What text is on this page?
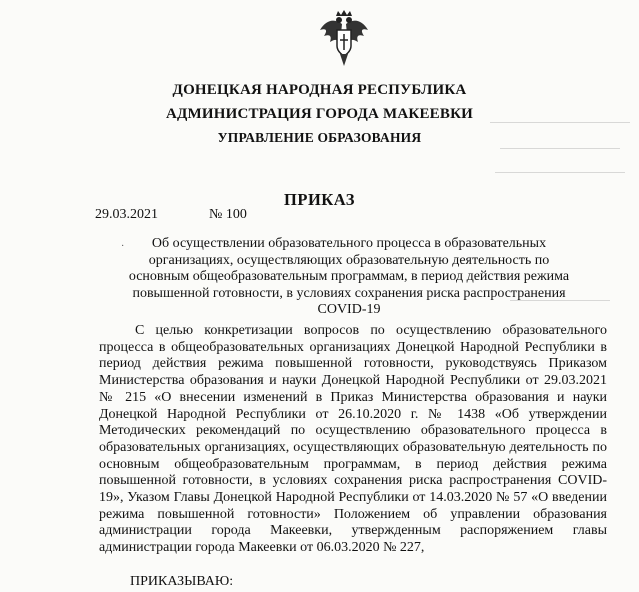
ДОНЕЦКАЯ НАРОДНАЯ РЕСПУБЛИКА
АДМИНИСТРАЦИЯ ГОРОДА МАКЕЕВКИ
УПРАВЛЕНИЕ ОБРАЗОВАНИЯ
ПРИКАЗ
29.03.2021	№ 100
·	Об осуществлении образовательного процесса в образовательных организациях, осуществляющих образовательную деятельность по основным общеобразовательным программам, в период действия режима повышенной готовности, в условиях сохранения риска распространения COVID-19
С целью конкретизации вопросов по осуществлению образовательного процесса в общеобразовательных организациях Донецкой Народной Республики в период действия режима повышенной готовности, руководствуясь Приказом Министерства образования и науки Донецкой Народной Республики от 29.03.2021 № 215 «О внесении изменений в Приказ Министерства образования и науки Донецкой Народной Республики от 26.10.2020 г. № 1438 «Об утверждении Методических рекомендаций по осуществлению образовательного процесса в образовательных организациях, осуществляющих образовательную деятельность по основным общеобразовательным программам, в период действия режима повышенной готовности, в условиях сохранения риска распространения COVID-19», Указом Главы Донецкой Народной Республики от 14.03.2020 № 57 «О введении режима повышенной готовности» Положением об управлении образования администрации города Макеевки, утвержденным распоряжением главы администрации города Макеевки от 06.03.2020 № 227,
ПРИКАЗЫВАЮ:
